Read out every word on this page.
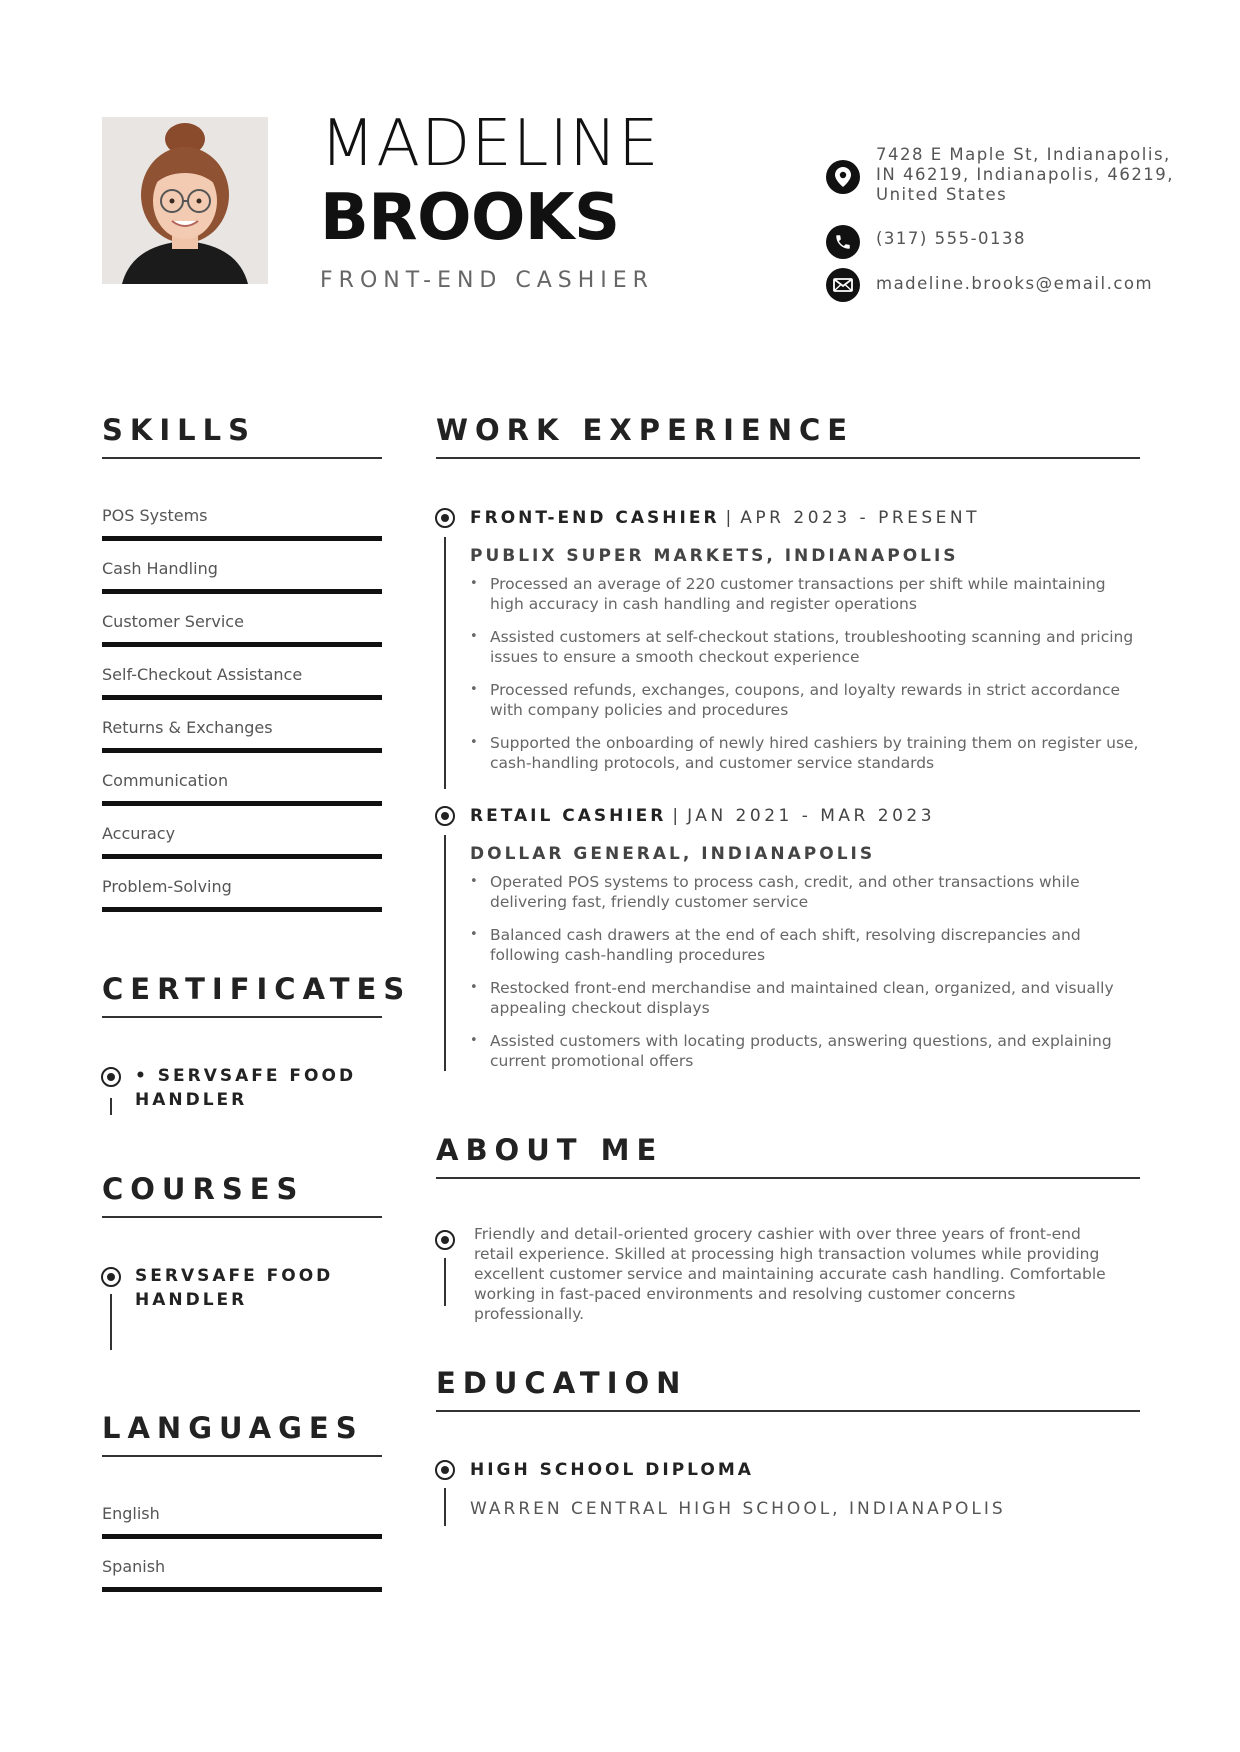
MADELINE
BROOKS
FRONT-END CASHIER
7428 E Maple St, Indianapolis,
IN 46219, Indianapolis, 46219,
United States
(317) 555-0138
madeline.brooks@email.com
SKILLS
POS Systems
Cash Handling
Customer Service
Self-Checkout Assistance
Returns & Exchanges
Communication
Accuracy
Problem-Solving
CERTIFICATES
• SERVSAFE FOOD
HANDLER
COURSES
SERVSAFE FOOD
HANDLER
LANGUAGES
English
Spanish
WORK EXPERIENCE
FRONT-END CASHIER | APR 2023 - PRESENT
PUBLIX SUPER MARKETS, INDIANAPOLIS
• Processed an average of 220 customer transactions per shift while maintaining high accuracy in cash handling and register operations
• Assisted customers at self-checkout stations, troubleshooting scanning and pricing issues to ensure a smooth checkout experience
• Processed refunds, exchanges, coupons, and loyalty rewards in strict accordance with company policies and procedures
• Supported the onboarding of newly hired cashiers by training them on register use, cash-handling protocols, and customer service standards
RETAIL CASHIER | JAN 2021 - MAR 2023
DOLLAR GENERAL, INDIANAPOLIS
• Operated POS systems to process cash, credit, and other transactions while delivering fast, friendly customer service
• Balanced cash drawers at the end of each shift, resolving discrepancies and following cash-handling procedures
• Restocked front-end merchandise and maintained clean, organized, and visually appealing checkout displays
• Assisted customers with locating products, answering questions, and explaining current promotional offers
ABOUT ME
Friendly and detail-oriented grocery cashier with over three years of front-end retail experience. Skilled at processing high transaction volumes while providing excellent customer service and maintaining accurate cash handling. Comfortable working in fast-paced environments and resolving customer concerns professionally.
EDUCATION
HIGH SCHOOL DIPLOMA
WARREN CENTRAL HIGH SCHOOL, INDIANAPOLIS
